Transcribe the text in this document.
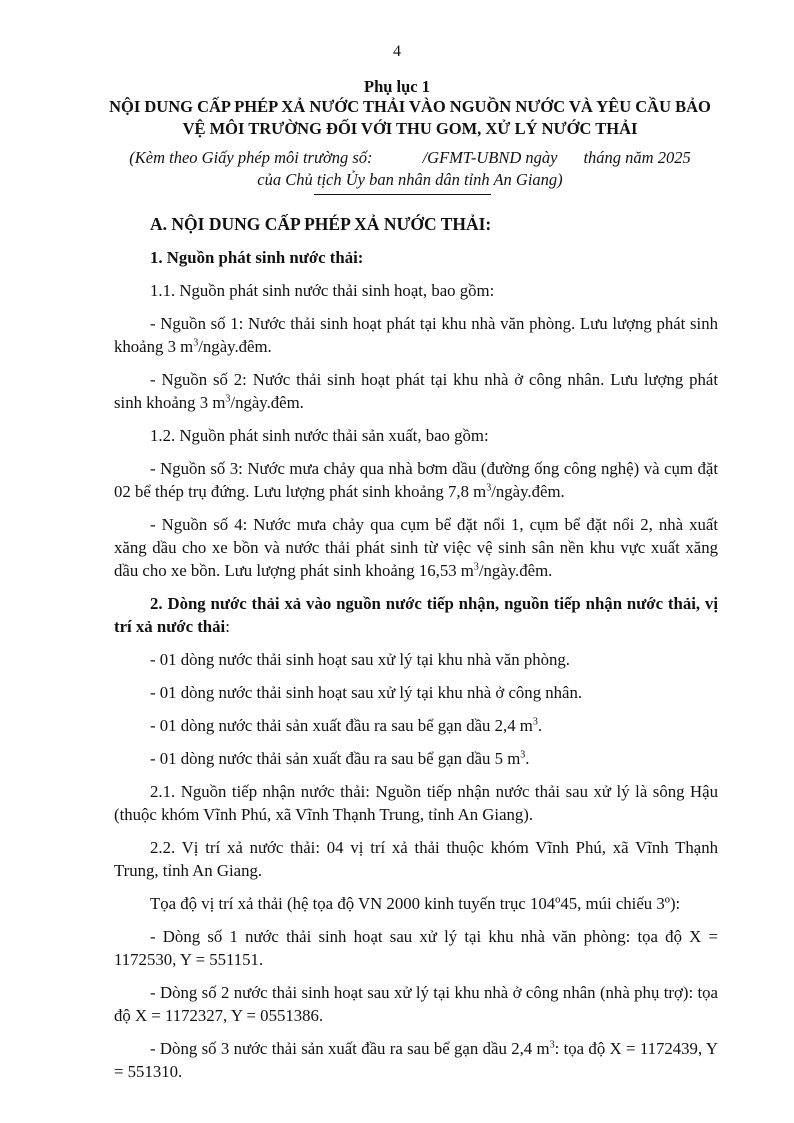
4
Phụ lục 1
NỘI DUNG CẤP PHÉP XẢ NƯỚC THẢI VÀO NGUỒN NƯỚC VÀ YÊU CẦU BẢO VỆ MÔI TRƯỜNG ĐỐI VỚI THU GOM, XỬ LÝ NƯỚC THẢI
(Kèm theo Giấy phép môi trường số:	/GFMT-UBND ngày tháng năm 2025 của Chủ tịch Ủy ban nhân dân tỉnh An Giang)

A. NỘI DUNG CẤP PHÉP XẢ NƯỚC THẢI:

1. Nguồn phát sinh nước thải:

1.1. Nguồn phát sinh nước thải sinh hoạt, bao gồm:

- Nguồn số 1: Nước thải sinh hoạt phát tại khu nhà văn phòng. Lưu lượng phát sinh khoảng 3 $m^3/ngày.đêm$.

- Nguồn số 2: Nước thải sinh hoạt phát tại khu nhà ở công nhân. Lưu lượng phát sinh khoảng 3 $m^3/ngày.đêm$.

1.2. Nguồn phát sinh nước thải sản xuất, bao gồm:

- Nguồn số 3: Nước mưa chảy qua nhà bơm dầu (đường ống công nghệ) và cụm đặt 02 bể thép trụ đứng. Lưu lượng phát sinh khoảng 7,8 $m^3/ngày.đêm$.

- Nguồn số 4: Nước mưa chảy qua cụm bể đặt nổi 1, cụm bể đặt nổi 2, nhà xuất xăng dầu cho xe bồn và nước thải phát sinh từ việc vệ sinh sân nền khu vực xuất xăng dầu cho xe bồn. Lưu lượng phát sinh khoảng 16,53 $m^3/ngày.đêm$.

2. Dòng nước thải xả vào nguồn nước tiếp nhận, nguồn tiếp nhận nước thải, vị trí xả nước thải:

- 01 dòng nước thải sinh hoạt sau xử lý tại khu nhà văn phòng.

- 01 dòng nước thải sinh hoạt sau xử lý tại khu nhà ở công nhân.

- 01 dòng nước thải sản xuất đầu ra sau bể gạn dầu 2,4 $m^3$.

- 01 dòng nước thải sản xuất đầu ra sau bể gạn dầu 5 $m^3$.

2.1. Nguồn tiếp nhận nước thải: Nguồn tiếp nhận nước thải sau xử lý là sông Hậu (thuộc khóm Vĩnh Phú, xã Vĩnh Thạnh Trung, tỉnh An Giang).

2.2. Vị trí xả nước thải: 04 vị trí xả thải thuộc khóm Vĩnh Phú, xã Vĩnh Thạnh Trung, tỉnh An Giang.

Tọa độ vị trí xả thải (hệ tọa độ VN 2000 kinh tuyến trục 104º45, múi chiếu 3º):

- Dòng số 1 nước thải sinh hoạt sau xử lý tại khu nhà văn phòng: tọa độ X = 1172530, Y = 551151.

- Dòng số 2 nước thải sinh hoạt sau xử lý tại khu nhà ở công nhân (nhà phụ trợ): tọa độ X = 1172327, Y = 0551386.

- Dòng số 3 nước thải sản xuất đầu ra sau bể gạn dầu 2,4 $m^3$: tọa độ X = 1172439, Y = 551310.
